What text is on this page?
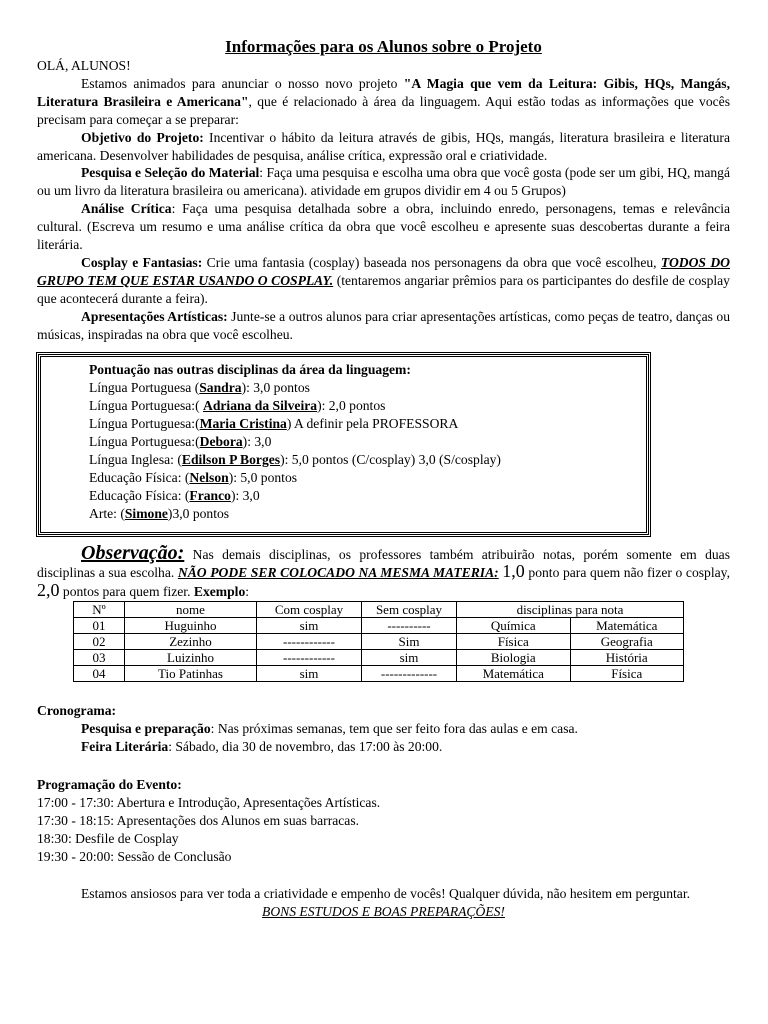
Informações para os Alunos sobre o Projeto

OLÁ, ALUNOS!

Estamos animados para anunciar o nosso novo projeto "A Magia que vem da Leitura: Gibis, HQs, Mangás, Literatura Brasileira e Americana", que é relacionado à área da linguagem. Aqui estão todas as informações que vocês precisam para começar a se preparar:

Objetivo do Projeto: Incentivar o hábito da leitura através de gibis, HQs, mangás, literatura brasileira e literatura americana. Desenvolver habilidades de pesquisa, análise crítica, expressão oral e criatividade.

Pesquisa e Seleção do Material: Faça uma pesquisa e escolha uma obra que você gosta (pode ser um gibi, HQ, mangá ou um livro da literatura brasileira ou americana). atividade em grupos dividir em 4 ou 5 Grupos)

Análise Crítica: Faça uma pesquisa detalhada sobre a obra, incluindo enredo, personagens, temas e relevância cultural. (Escreva um resumo e uma análise crítica da obra que você escolheu e apresente suas descobertas durante a feira literária.

Cosplay e Fantasias: Crie uma fantasia (cosplay) baseada nos personagens da obra que você escolheu, TODOS DO GRUPO TEM QUE ESTAR USANDO O COSPLAY. (tentaremos angariar prêmios para os participantes do desfile de cosplay que acontecerá durante a feira).

Apresentações Artísticas: Junte-se a outros alunos para criar apresentações artísticas, como peças de teatro, danças ou músicas, inspiradas na obra que você escolheu.

Pontuação nas outras disciplinas da área da linguagem:
Língua Portuguesa (Sandra): 3,0 pontos
Língua Portuguesa:( Adriana da Silveira): 2,0 pontos
Língua Portuguesa:(Maria Cristina) A definir pela PROFESSORA
Língua Portuguesa:(Debora): 3,0
Língua Inglesa: (Edilson P Borges): 5,0 pontos (C/cosplay) 3,0 (S/cosplay)
Educação Física: (Nelson): 5,0 pontos
Educação Física: (Franco): 3,0
Arte: (Simone)3,0 pontos

Observação: Nas demais disciplinas, os professores também atribuirão notas, porém somente em duas disciplinas a sua escolha. NÃO PODE SER COLOCADO NA MESMA MATERIA: 1,0 ponto para quem não fizer o cosplay, 2,0 pontos para quem fizer. Exemplo:

Nº	nome	Com cosplay	Sem cosplay	disciplinas para nota	
01	Huguinho	sim	----------	Química	Matemática
02	Zezinho	------------	Sim	Física	Geografia
03	Luizinho	------------	sim	Biologia	História
04	Tio Patinhas	sim	-------------	Matemática	Física
Cronograma:

Pesquisa e preparação: Nas próximas semanas, tem que ser feito fora das aulas e em casa.

Feira Literária: Sábado, dia 30 de novembro, das 17:00 às 20:00.

Programação do Evento:
17:00 - 17:30: Abertura e Introdução, Apresentações Artísticas.
17:30 - 18:15: Apresentações dos Alunos em suas barracas.
18:30: Desfile de Cosplay
19:30 - 20:00: Sessão de Conclusão

Estamos ansiosos para ver toda a criatividade e empenho de vocês! Qualquer dúvida, não hesitem em perguntar.

BONS ESTUDOS E BOAS PREPARAÇÕES!
